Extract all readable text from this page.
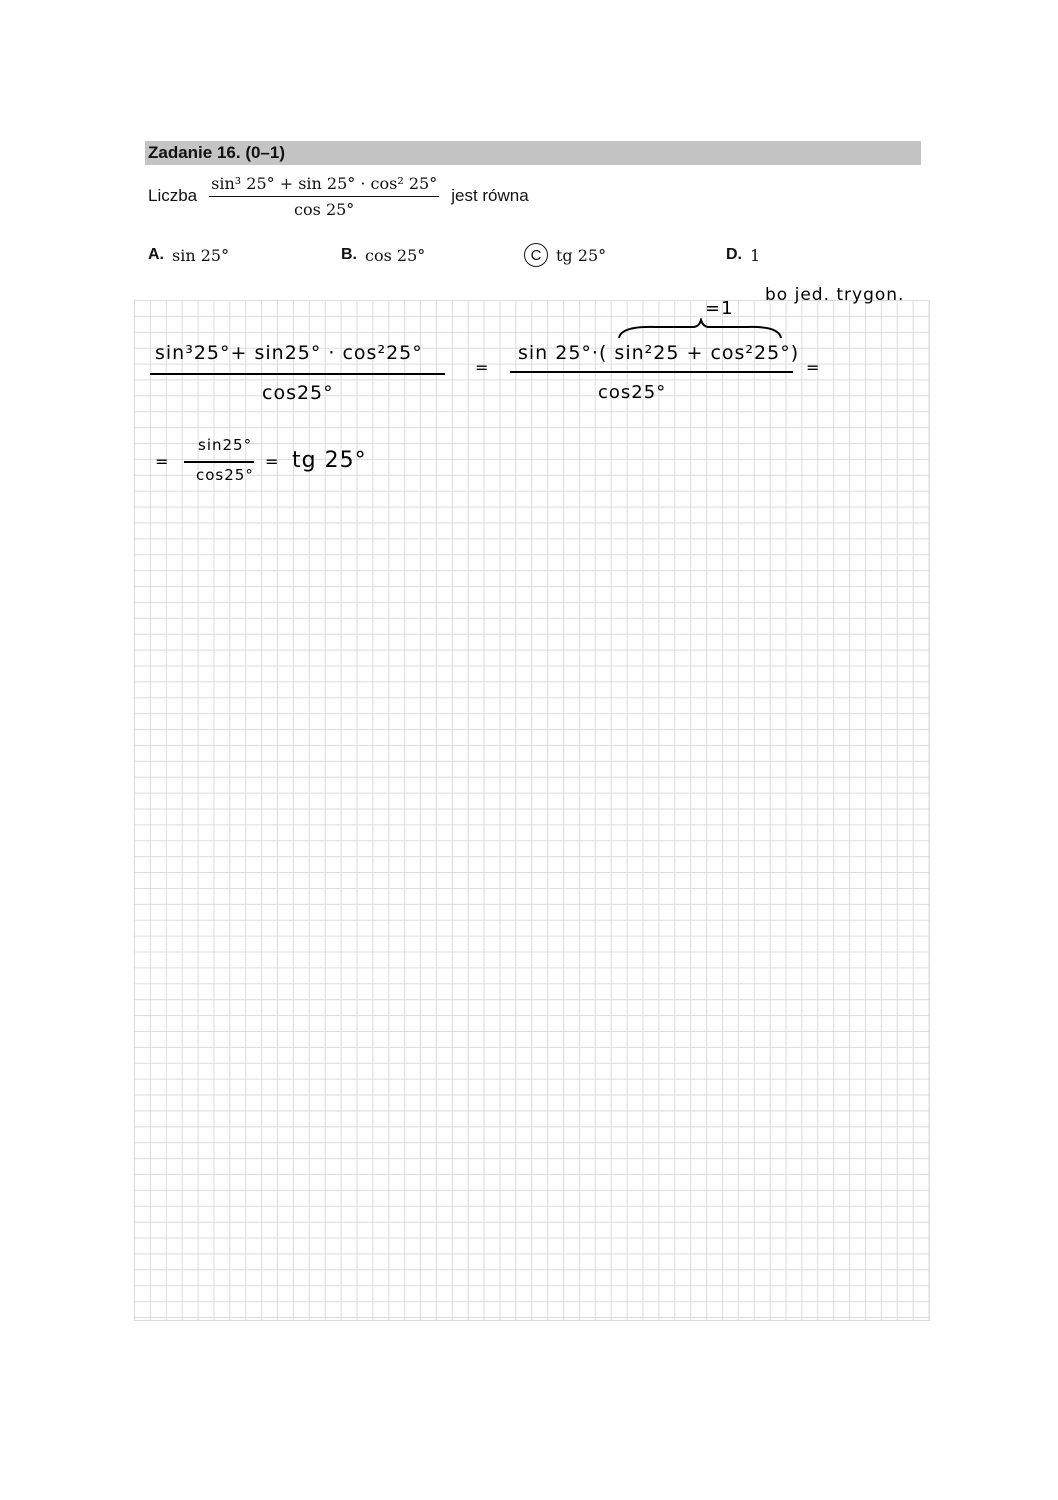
Zadanie 16. (0–1)
Liczba $\frac{\text{sin³ 25° + sin 25° · cos² 25°}}{\cos 25^\circ}$ jest równa
A. sin 25°	B. cos 25°	C tg 25°	D. 1
=1
bo jed. trygon.
sin³25°+ sin25° · cos²25°
cos25°
=
sin 25°·( sin²25 + cos²25°)
cos25°
=
=
sin25°
cos25°
= tg 25°
